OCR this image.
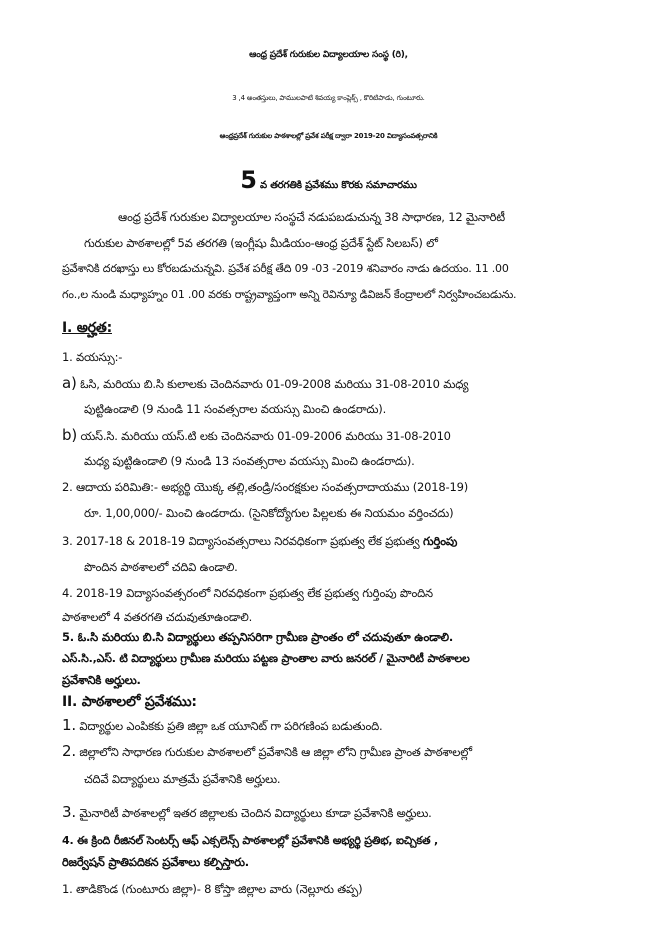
ఆంధ్ర ప్రదేశ్ గురుకుల విద్యాలయాల సంస్థ (రి),
3 ,4 అంతస్తులు, పాములపాటి శివయ్య కాంప్లెక్స్ , కొరిటిపాడు, గుంటూరు.
ఆంధ్రప్రదేశ్ గురుకుల పాఠశాలల్లో ప్రవేశ పరీక్ష ద్వారా 2019-20 విద్యాసంవత్సరానికి
5 వ తరగతికి ప్రవేశము కొరకు సమాచారము
ఆంధ్ర ప్రదేశ్ గురుకుల విద్యాలయాల సంస్థచే నడుపబడుచున్న 38 సాధారణ, 12 మైనారిటీ
గురుకుల పాఠశాలల్లో 5వ తరగతి (ఇంగ్లీషు మీడియం-ఆంధ్ర ప్రదేశ్ స్టేట్ సిలబస్) లో
ప్రవేశానికి దరఖాస్తు లు కోరబడుచున్నవి. ప్రవేశ పరీక్ష తేది 09 -03 -2019 శనివారం నాడు ఉదయం. 11 .00
గం.,ల నుండి మధ్యాహ్నం 01 .00 వరకు రాష్ట్రవ్యాప్తంగా అన్ని రెవిన్యూ డివిజన్ కేంద్రాలలో నిర్వహించబడును.
I. అర్హత:
1. వయస్సు:-
a) ఓసి, మరియు బి.సి కులాలకు చెందినవారు 01-09-2008 మరియు 31-08-2010 మధ్య
పుట్టిఉండాలి (9 నుండి 11 సంవత్సరాల వయస్సు మించి ఉండరాదు).
b) యస్.సి. మరియు యస్.టి లకు చెందినవారు 01-09-2006 మరియు 31-08-2010
మధ్య పుట్టిఉండాలి (9 నుండి 13 సంవత్సరాల వయస్సు మించి ఉండరాదు).
2. ఆదాయ పరిమితి:- అభ్యర్థి యొక్క తల్లి,తండ్రి/సంరక్షకుల సంవత్సరాదాయము (2018-19)
రూ. 1,00,000/- మించి ఉండరాదు. (సైనికోద్యోగుల పిల్లలకు ఈ నియమం వర్తించదు)
3. 2017-18 & 2018-19 విద్యాసంవత్సరాలు నిరవధికంగా ప్రభుత్వ లేక ప్రభుత్వ గుర్తింపు
పొందిన పాఠశాలలో చదివి ఉండాలి.
4. 2018-19 విద్యాసంవత్సరంలో నిరవధికంగా ప్రభుత్వ లేక ప్రభుత్వ గుర్తింపు పొందిన
పాఠశాలలో 4 వతరగతి చదువుతూఉండాలి.
5. ఓ.సి మరియు బి.సి విద్యార్థులు తప్పనిసరిగా గ్రామీణ ప్రాంతం లో చదువుతూ ఉండాలి.
ఎస్.సి.,ఎస్. టి విద్యార్థులు గ్రామీణ మరియు పట్టణ ప్రాంతాల వారు జనరల్ / మైనారిటీ పాఠశాలల
ప్రవేశానికి అర్హులు.
II. పాఠశాలలో ప్రవేశము:
1. విద్యార్థుల ఎంపికకు ప్రతి జిల్లా ఒక యూనిట్ గా పరిగణింప బడుతుంది.
2. జిల్లాలోని సాధారణ గురుకుల పాఠశాలలో ప్రవేశానికి ఆ జిల్లా లోని గ్రామీణ ప్రాంత పాఠశాలల్లో
చదివే విద్యార్థులు మాత్రమే ప్రవేశానికి అర్హులు.
3. మైనారిటీ పాఠశాలల్లో ఇతర జిల్లాలకు చెందిన విద్యార్థులు కూడా ప్రవేశానికి అర్హులు.
4. ఈ క్రింది రీజినల్ సెంటర్స్ ఆఫ్ ఎక్సలెన్స్ పాఠశాలల్లో ప్రవేశానికి అభ్యర్థి ప్రతిభ, ఐచ్చికత ,
రిజర్వేషన్ ప్రాతిపదికన ప్రవేశాలు కల్పిస్తారు.
1. తాడికొండ (గుంటూరు జిల్లా)- 8 కోస్తా జిల్లాల వారు (నెల్లూరు తప్ప)
